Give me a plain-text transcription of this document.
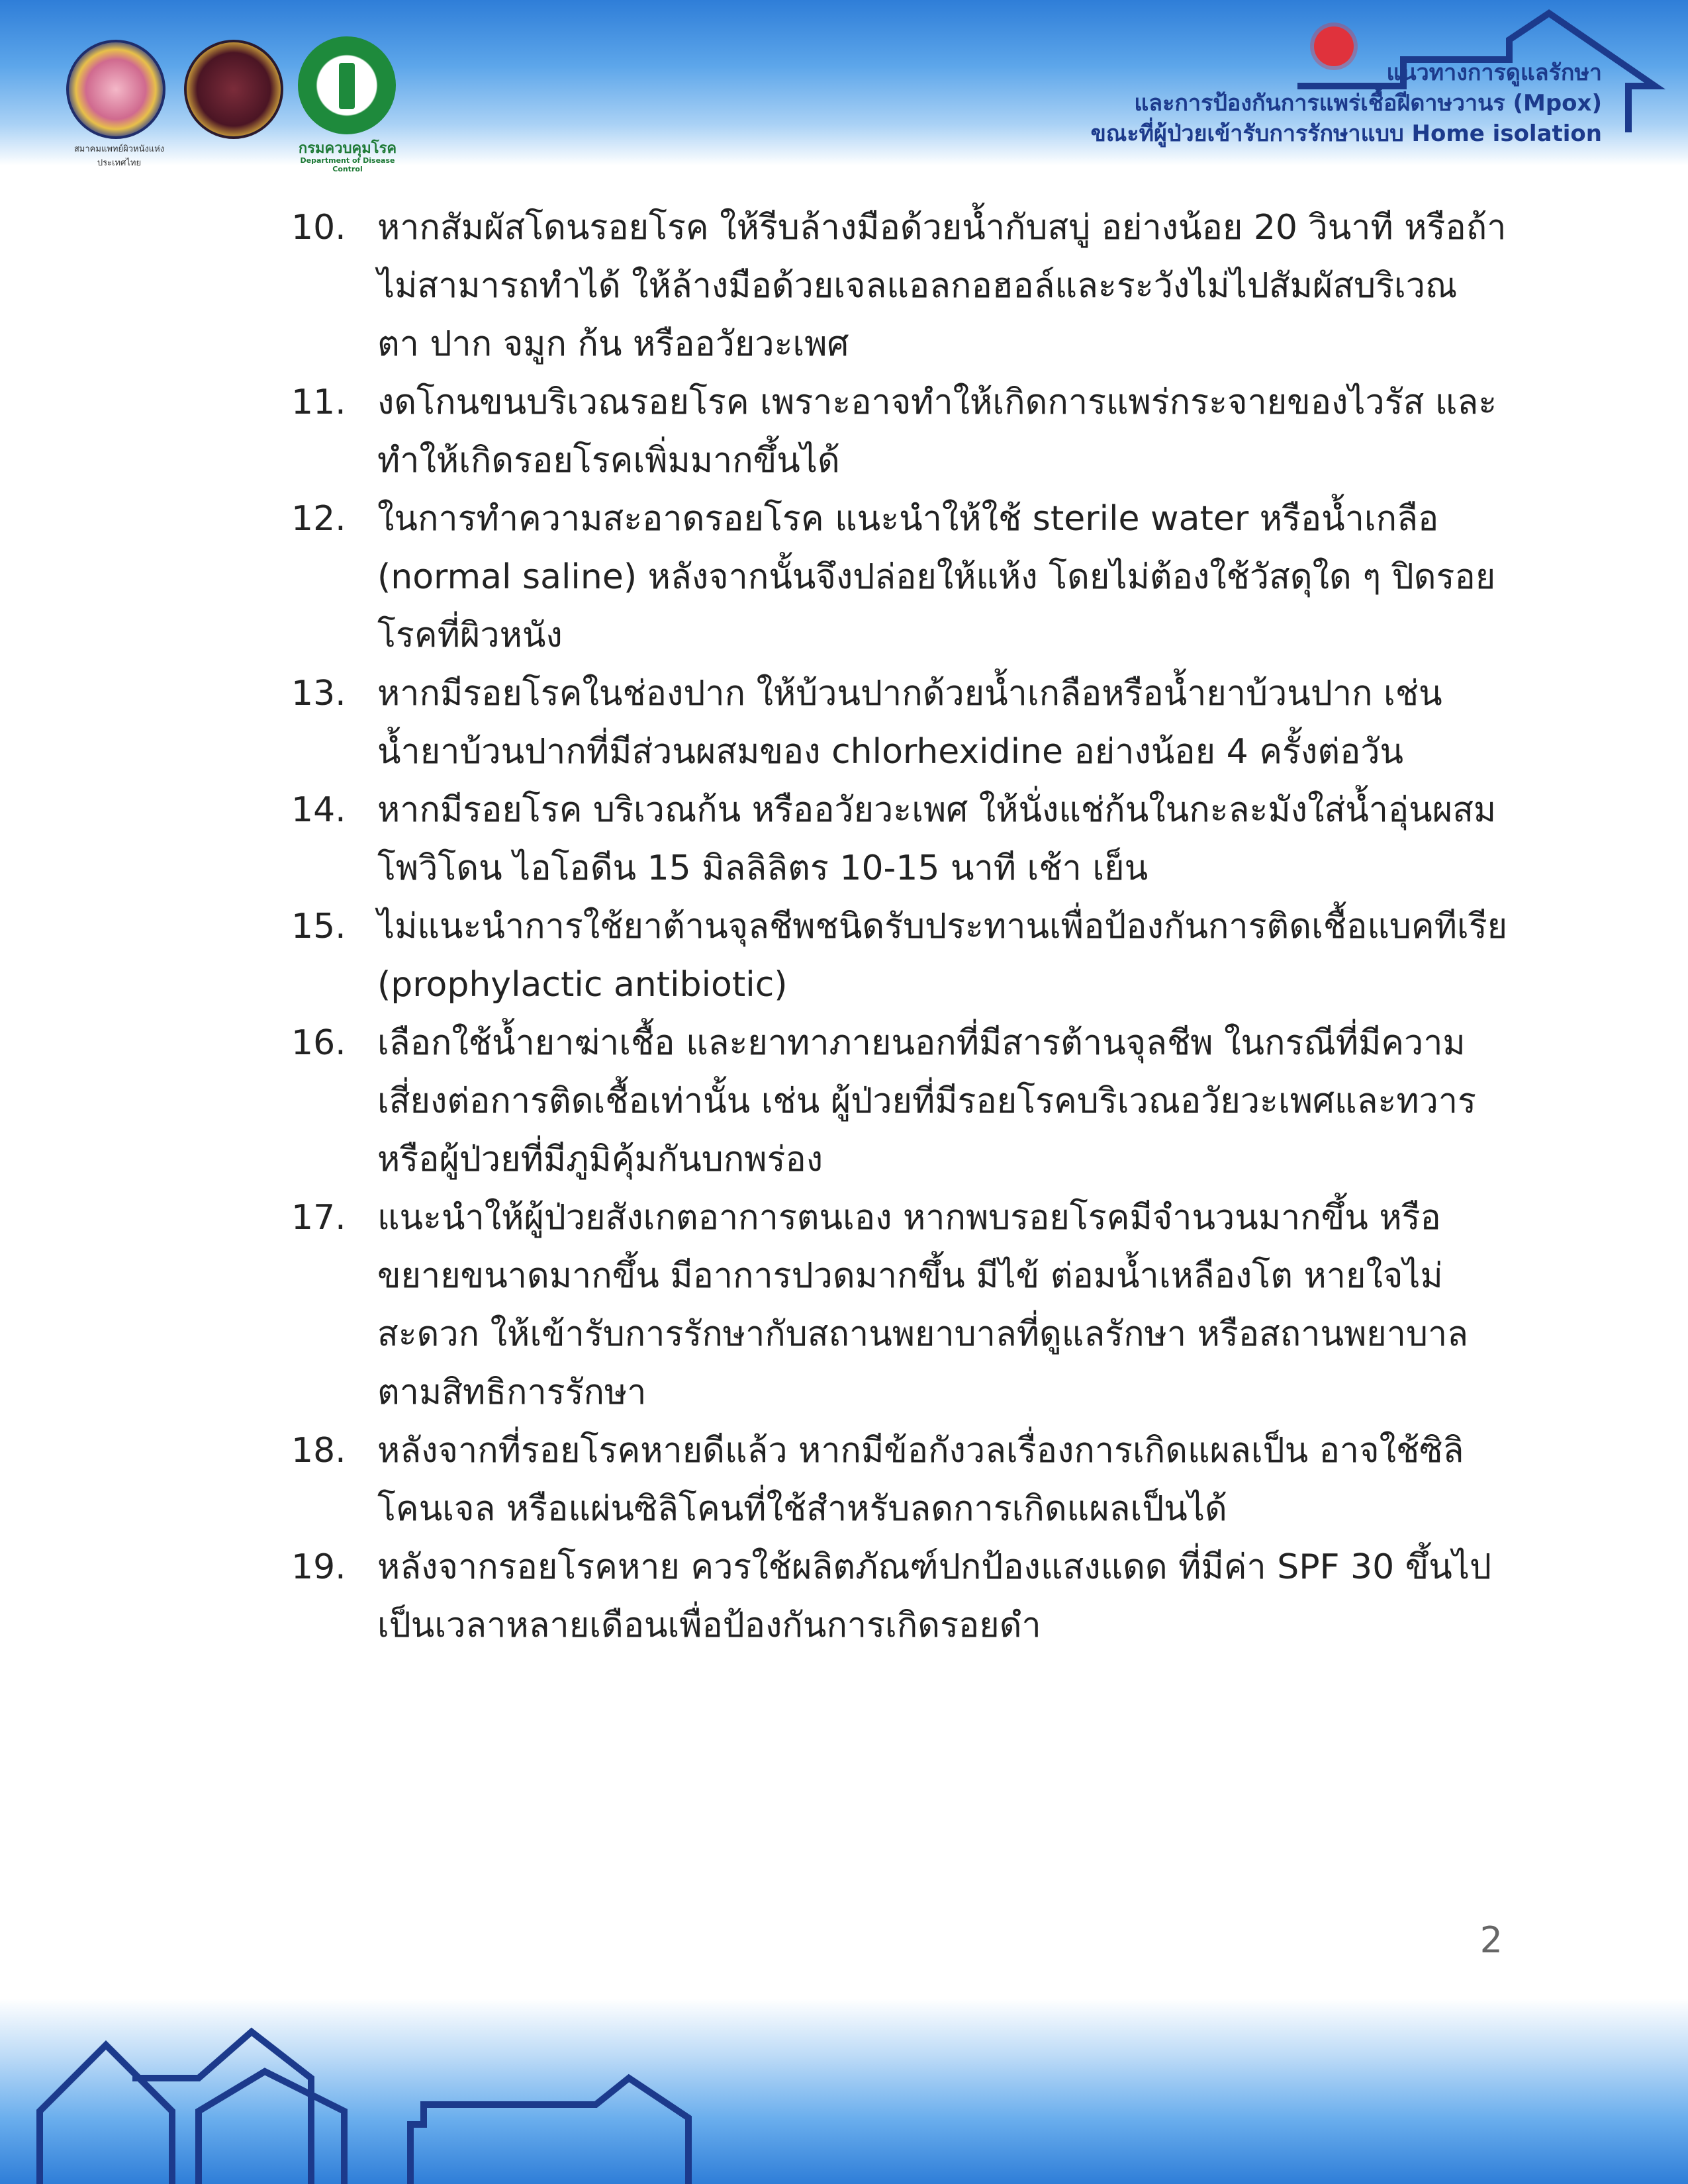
สมาคมแพทย์ผิวหนังแห่งประเทศไทย
กรมควบคุมโรค
Department of Disease Control
แนวทางการดูแลรักษา
และการป้องกันการแพร่เชื้อฝีดาษวานร (Mpox)
ขณะที่ผู้ป่วยเข้ารับการรักษาแบบ Home isolation
10. หากสัมผัสโดนรอยโรค ให้รีบล้างมือด้วยน้ำกับสบู่ อย่างน้อย 20 วินาที หรือถ้าไม่สามารถทำได้ ให้ล้างมือด้วยเจลแอลกอฮอล์และระวังไม่ไปสัมผัสบริเวณ ตา ปาก จมูก ก้น หรืออวัยวะเพศ
11. งดโกนขนบริเวณรอยโรค เพราะอาจทำให้เกิดการแพร่กระจายของไวรัส และทำให้เกิดรอยโรคเพิ่มมากขึ้นได้
12. ในการทำความสะอาดรอยโรค แนะนำให้ใช้ sterile water หรือน้ำเกลือ (normal saline) หลังจากนั้นจึงปล่อยให้แห้ง โดยไม่ต้องใช้วัสดุใด ๆ ปิดรอยโรคที่ผิวหนัง
13. หากมีรอยโรคในช่องปาก ให้บ้วนปากด้วยน้ำเกลือหรือน้ำยาบ้วนปาก เช่น น้ำยาบ้วนปากที่มีส่วนผสมของ chlorhexidine อย่างน้อย 4 ครั้งต่อวัน
14. หากมีรอยโรค บริเวณก้น หรืออวัยวะเพศ ให้นั่งแช่ก้นในกะละมังใส่น้ำอุ่นผสมโพวิโดน ไอโอดีน 15 มิลลิลิตร 10-15 นาที เช้า เย็น
15. ไม่แนะนำการใช้ยาต้านจุลชีพชนิดรับประทานเพื่อป้องกันการติดเชื้อแบคทีเรีย (prophylactic antibiotic)
16. เลือกใช้น้ำยาฆ่าเชื้อ และยาทาภายนอกที่มีสารต้านจุลชีพ ในกรณีที่มีความเสี่ยงต่อการติดเชื้อเท่านั้น เช่น ผู้ป่วยที่มีรอยโรคบริเวณอวัยวะเพศและทวาร หรือผู้ป่วยที่มีภูมิคุ้มกันบกพร่อง
17. แนะนำให้ผู้ป่วยสังเกตอาการตนเอง หากพบรอยโรคมีจำนวนมากขึ้น หรือขยายขนาดมากขึ้น มีอาการปวดมากขึ้น มีไข้ ต่อมน้ำเหลืองโต หายใจไม่สะดวก ให้เข้ารับการรักษากับสถานพยาบาลที่ดูแลรักษา หรือสถานพยาบาลตามสิทธิการรักษา
18. หลังจากที่รอยโรคหายดีแล้ว หากมีข้อกังวลเรื่องการเกิดแผลเป็น อาจใช้ซิลิโคนเจล หรือแผ่นซิลิโคนที่ใช้สำหรับลดการเกิดแผลเป็นได้
19. หลังจากรอยโรคหาย ควรใช้ผลิตภัณฑ์ปกป้องแสงแดด ที่มีค่า SPF 30 ขึ้นไปเป็นเวลาหลายเดือนเพื่อป้องกันการเกิดรอยดำ
2
